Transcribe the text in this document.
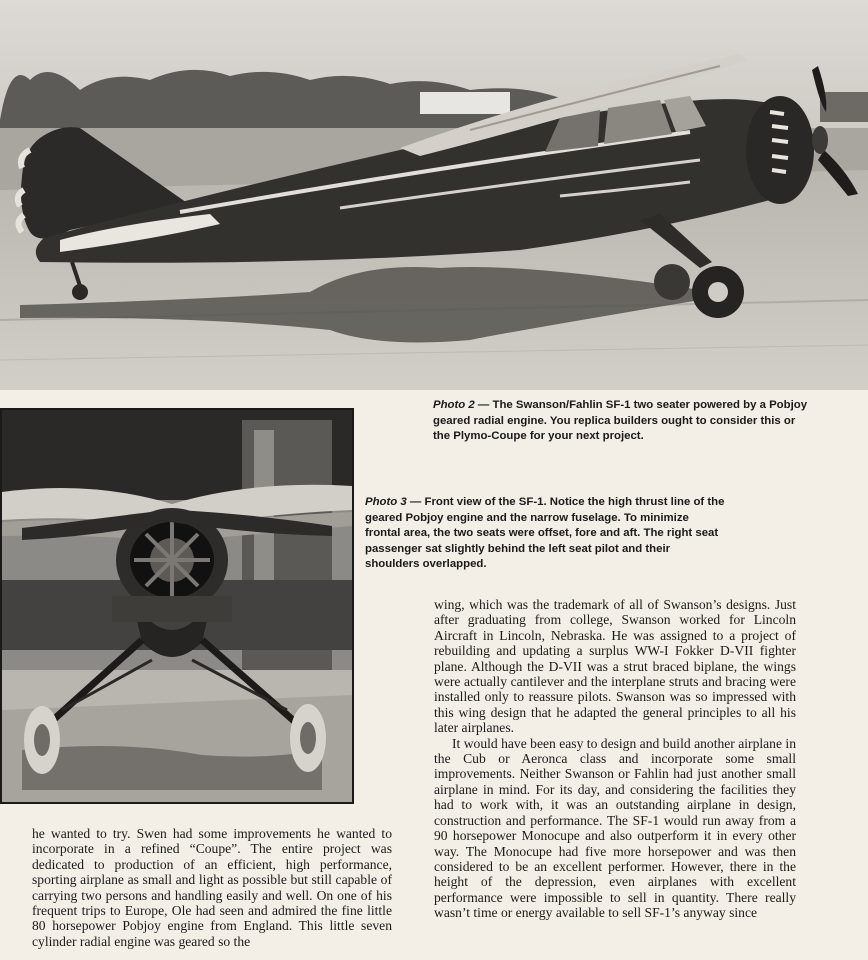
Photo 2 — The Swanson/Fahlin SF-1 two seater powered by a Pobjoy geared radial engine. You replica builders ought to consider this or the Plymo-Coupe for your next project.
Photo 3 — Front view of the SF-1. Notice the high thrust line of the geared Pobjoy engine and the narrow fuselage. To minimize frontal area, the two seats were offset, fore and aft. The right seat passenger sat slightly behind the left seat pilot and their shoulders overlapped.

he wanted to try. Swen had some improvements he wanted to incorporate in a refined “Coupe”. The entire project was dedicated to production of an efficient, high performance, sporting airplane as small and light as possible but still capable of carrying two persons and handling easily and well. On one of his frequent trips to Europe, Ole had seen and admired the fine little 80 horsepower Pobjoy engine from England. This little seven cylinder radial engine was geared so the

wing, which was the trademark of all of Swanson’s designs. Just after graduating from college, Swanson worked for Lincoln Aircraft in Lincoln, Nebraska. He was assigned to a project of rebuilding and updating a surplus WW-I Fokker D-VII fighter plane. Although the D-VII was a strut braced biplane, the wings were actually cantilever and the interplane struts and bracing were installed only to reassure pilots. Swanson was so impressed with this wing design that he adapted the general principles to all his later airplanes.

It would have been easy to design and build another airplane in the Cub or Aeronca class and incorporate some small improvements. Neither Swanson or Fahlin had just another small airplane in mind. For its day, and considering the facilities they had to work with, it was an outstanding airplane in design, construction and performance. The SF-1 would run away from a 90 horsepower Monocupe and also outperform it in every other way. The Monocupe had five more horsepower and was then considered to be an excellent performer. However, there in the height of the depression, even airplanes with excellent performance were impossible to sell in quantity. There really wasn’t time or energy available to sell SF-1’s anyway since
